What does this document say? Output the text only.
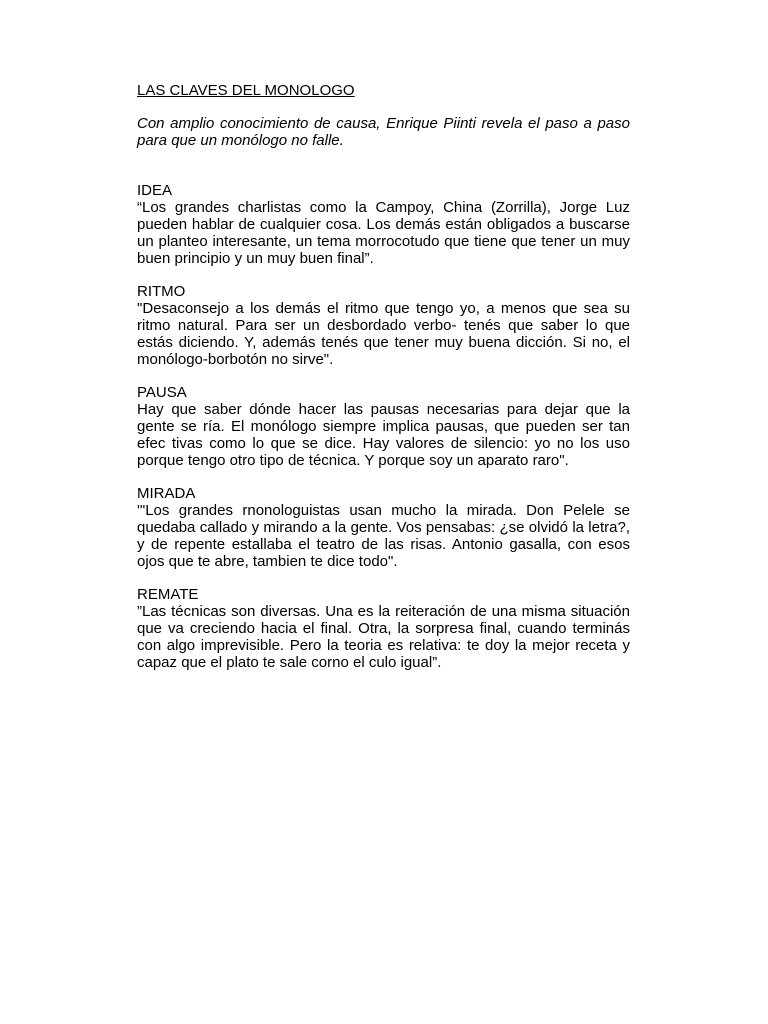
LAS CLAVES DEL MONOLOGO

Con amplio conocimiento de causa, Enrique Piinti revela el paso a paso para que un monólogo no falle.

IDEA

“Los grandes charlistas como la Campoy, China (Zorrilla), Jorge Luz pueden hablar de cualquier cosa. Los demás están obligados a buscarse un planteo interesante, un tema morrocotudo que tiene que tener un muy buen principio y un muy buen final”.

RITMO

"Desaconsejo a los demás el ritmo que tengo yo, a menos que sea su ritmo natural. Para ser un desbordado verbo- tenés que saber lo que estás diciendo. Y, además tenés que tener muy buena dicción. Si no, el monólogo-borbotón no sirve".

PAUSA

Hay que saber dónde hacer las pausas necesarias para dejar que la gente se ría. El monólogo siempre implica pausas, que pueden ser tan efec tivas como lo que se dice. Hay valores de silencio: yo no los uso porque tengo otro tipo de técnica. Y porque soy un aparato raro".

MIRADA

'"Los grandes rnonologuistas usan mucho la mirada. Don Pelele se quedaba callado y mirando a la gente. Vos pensabas: ¿se olvidó la letra?, y de repente estallaba el teatro de las risas. Antonio gasalla, con esos ojos que te abre, tambien te dice todo".

REMATE

”Las técnicas son diversas. Una es la reiteración de una misma situación que va creciendo hacia el final. Otra, la sorpresa final, cuando terminás con algo imprevisible. Pero la teoria es relativa: te doy la mejor receta y capaz que el plato te sale corno el culo igual”.
